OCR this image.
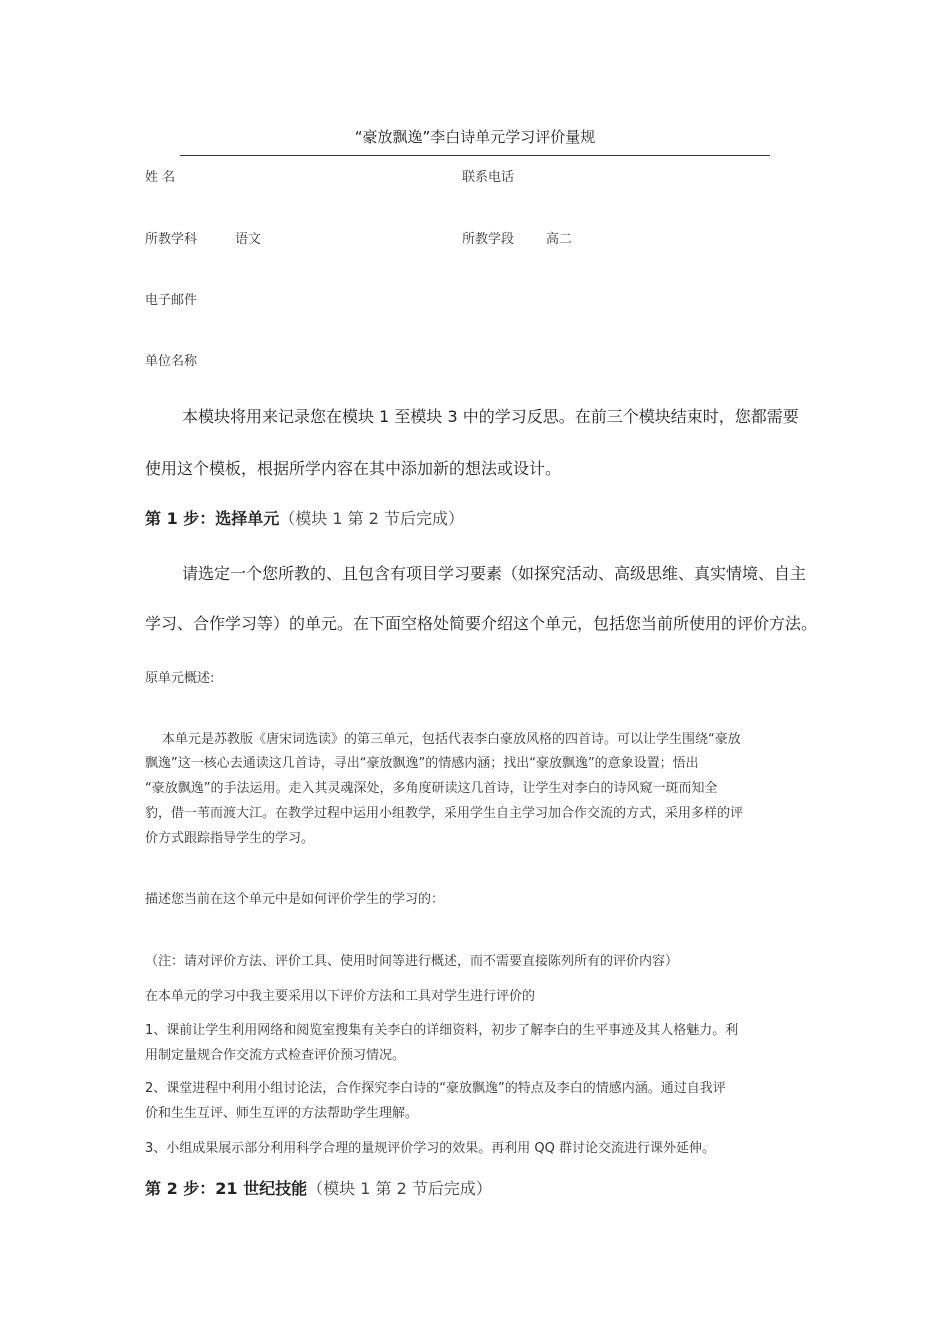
“豪放飘逸”李白诗单元学习评价量规
姓 名	联系电话
所教学科	语文	所教学段 高二
电子邮件
单位名称
本模块将用来记录您在模块 1 至模块 3 中的学习反思。在前三个模块结束时，您都需要
使用这个模板，根据所学内容在其中添加新的想法或设计。
第 1 步：选择单元（模块 1 第 2 节后完成）
请选定一个您所教的、且包含有项目学习要素（如探究活动、高级思维、真实情境、自主
学习、合作学习等）的单元。在下面空格处简要介绍这个单元，包括您当前所使用的评价方法。
原单元概述:
本单元是苏教版《唐宋词选读》的第三单元，包括代表李白豪放风格的四首诗。可以让学生围绕“豪放
飘逸”这一核心去通读这几首诗，寻出“豪放飘逸”的情感内涵；找出“豪放飘逸”的意象设置；悟出
“豪放飘逸”的手法运用。走入其灵魂深处，多角度研读这几首诗，让学生对李白的诗风窥一斑而知全
豹，借一苇而渡大江。在教学过程中运用小组教学，采用学生自主学习加合作交流的方式，采用多样的评
价方式跟踪指导学生的学习。
描述您当前在这个单元中是如何评价学生的学习的：
（注：请对评价方法、评价工具、使用时间等进行概述，而不需要直接陈列所有的评价内容）
在本单元的学习中我主要采用以下评价方法和工具对学生进行评价的
1、课前让学生利用网络和阅览室搜集有关李白的详细资料，初步了解李白的生平事迹及其人格魅力。利
用制定量规合作交流方式检查评价预习情况。
2、课堂进程中利用小组讨论法，合作探究李白诗的“豪放飘逸”的特点及李白的情感内涵。通过自我评
价和生生互评、师生互评的方法帮助学生理解。
3、小组成果展示部分利用科学合理的量规评价学习的效果。再利用 QQ 群讨论交流进行课外延伸。
第 2 步：21 世纪技能（模块 1 第 2 节后完成）
